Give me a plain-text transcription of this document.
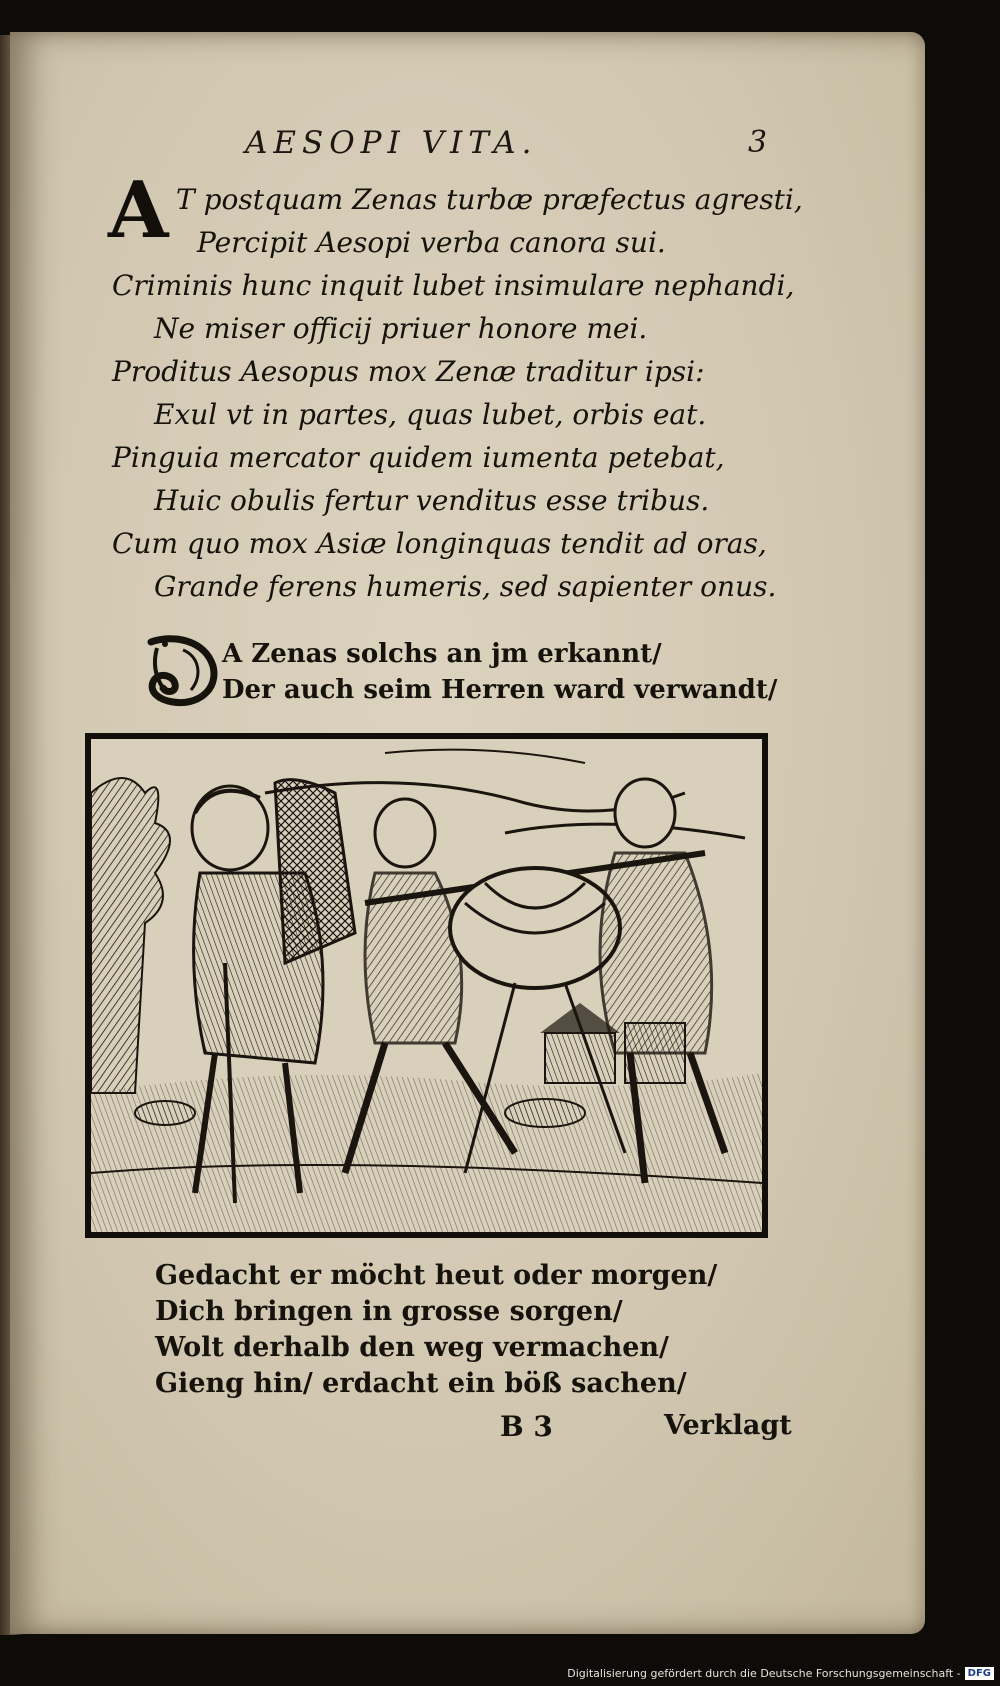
AESOPI VITA.	3
A T postquam Zenas turbæ præfectus agresti,
Percipit Aesopi verba canora sui.
Criminis hunc inquit lubet insimulare nephandi,
Ne miser officij priuer honore mei.
Proditus Aesopus mox Zenæ traditur ipsi:
Exul vt in partes, quas lubet, orbis eat.
Pinguia mercator quidem iumenta petebat,
Huic obulis fertur venditus esse tribus.
Cum quo mox Asiæ longinquas tendit ad oras,
Grande ferens humeris, sed sapienter onus.
A Zenas solchs an jm erkannt/
Der auch seim Herren ward verwandt/
Gedacht er möcht heut oder morgen/
Dich bringen in grosse sorgen/
Wolt derhalb den weg vermachen/
Gieng hin/ erdacht ein böß sachen/
B 3	Verklagt
Digitalisierung gefördert durch die Deutsche Forschungsgemeinschaft - DFG
